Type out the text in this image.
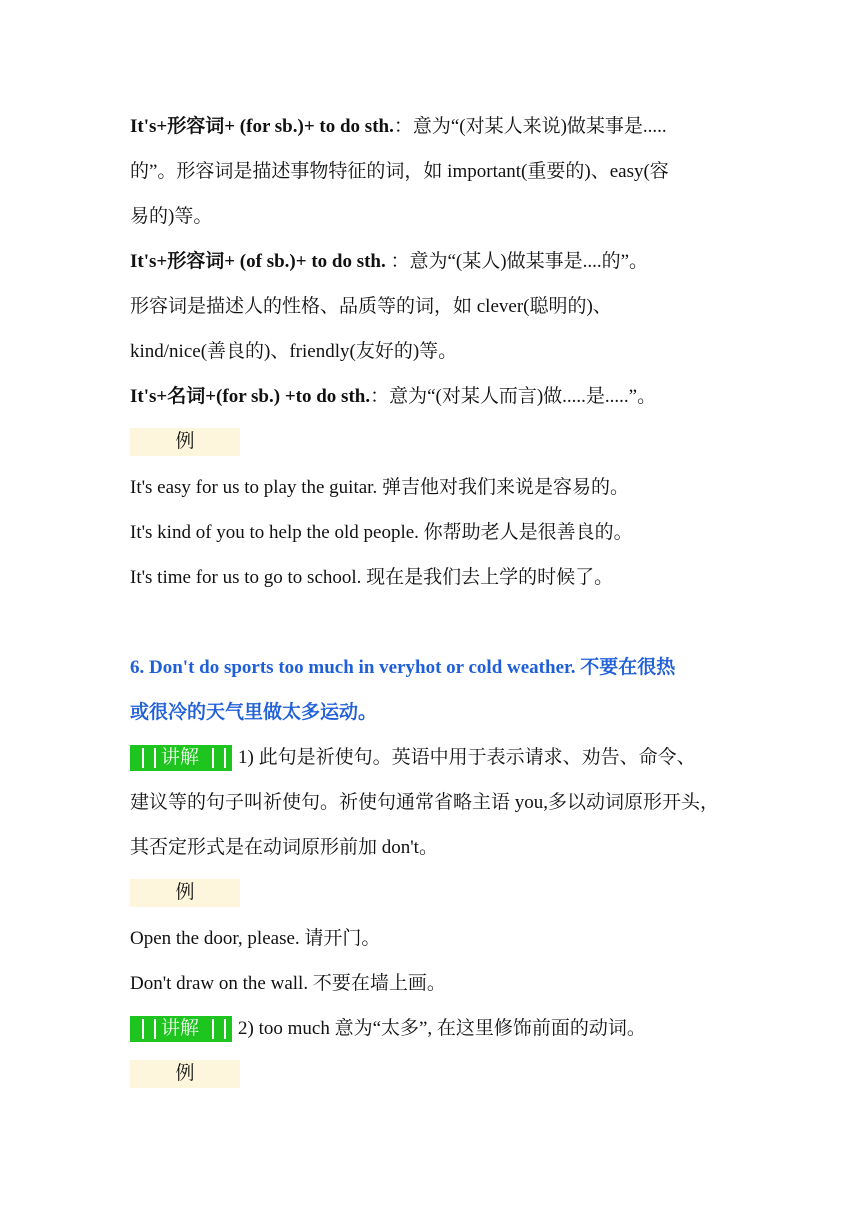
It's+形容词+ (for sb.)+ to do sth.：意为“(对某人来说)做某事是.....
的”。形容词是描述事物特征的词，如 important(重要的)、easy(容
易的)等。
It's+形容词+ (of sb.)+ to do sth. ：意为“(某人)做某事是....的”。
形容词是描述人的性格、品质等的词，如 clever(聪明的)、
kind/nice(善良的)、friendly(友好的)等。
It's+名词+(for sb.) +to do sth.：意为“(对某人而言)做.....是.....”。
例
It's easy for us to play the guitar. 弹吉他对我们来说是容易的。
It's kind of you to help the old people. 你帮助老人是很善良的。
It's time for us to go to school. 现在是我们去上学的时候了。
6. Don't do sports too much in veryhot or cold weather. 不要在很热
或很冷的天气里做太多运动。
讲解 1) 此句是祈使句。英语中用于表示请求、劝告、命令、
建议等的句子叫祈使句。祈使句通常省略主语 you,多以动词原形开头，
其否定形式是在动词原形前加 don't。
例
Open the door, please. 请开门。
Don't draw on the wall. 不要在墙上画。
讲解 2) too much 意为“太多”, 在这里修饰前面的动词。
例
